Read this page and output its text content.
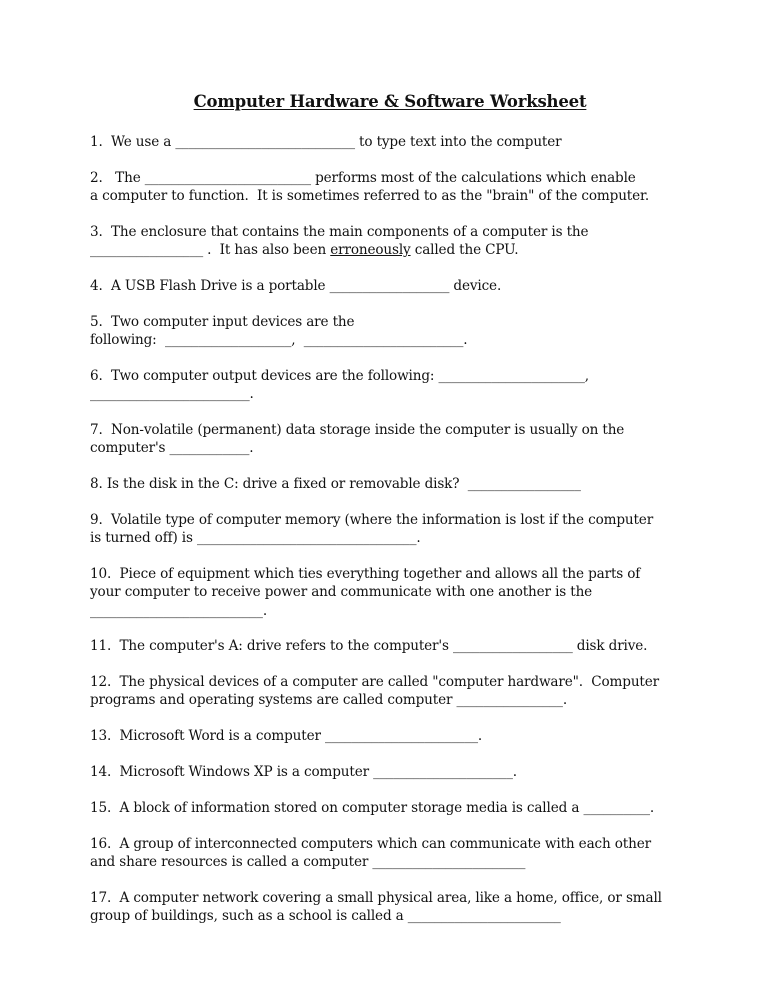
Computer Hardware & Software Worksheet

1.  We use a ___________________________ to type text into the computer

2.   The _________________________ performs most of the calculations which enable

a computer to function.  It is sometimes referred to as the "brain" of the computer.

3.  The enclosure that contains the main components of a computer is the

_________________ .  It has also been erroneously called the CPU.

4.  A USB Flash Drive is a portable __________________ device.

5.  Two computer input devices are the

following:  ___________________,  ________________________.

6.  Two computer output devices are the following: ______________________,

________________________.

7.  Non-volatile (permanent) data storage inside the computer is usually on the

computer's ____________.

8. Is the disk in the C: drive a fixed or removable disk?  _________________

9.  Volatile type of computer memory (where the information is lost if the computer

is turned off) is _________________________________.

10.  Piece of equipment which ties everything together and allows all the parts of

your computer to receive power and communicate with one another is the

__________________________.

11.  The computer's A: drive refers to the computer's __________________ disk drive.

12.  The physical devices of a computer are called "computer hardware".  Computer

programs and operating systems are called computer ________________.

13.  Microsoft Word is a computer _______________________.

14.  Microsoft Windows XP is a computer _____________________.

15.  A block of information stored on computer storage media is called a __________.

16.  A group of interconnected computers which can communicate with each other

and share resources is called a computer _______________________

17.  A computer network covering a small physical area, like a home, office, or small

group of buildings, such as a school is called a _______________________
